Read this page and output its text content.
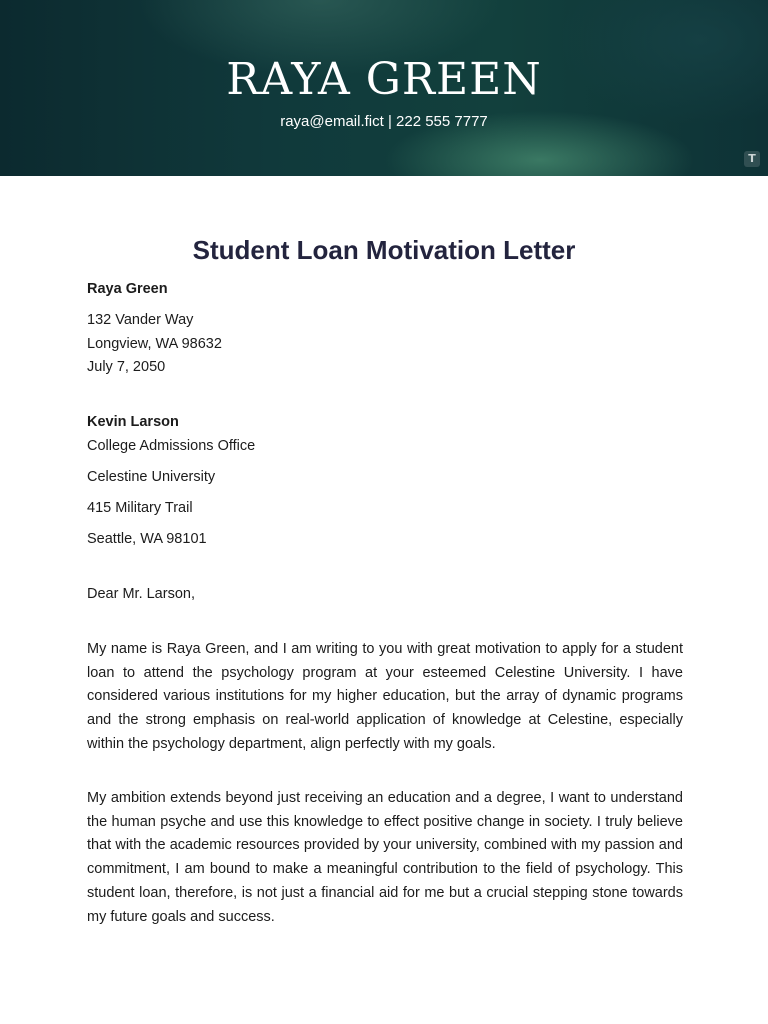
RAYA GREEN
raya@email.fict | 222 555 7777
T
Student Loan Motivation Letter
Raya Green
132 Vander Way
Longview, WA 98632
July 7, 2050
Kevin Larson
College Admissions Office
Celestine University
415 Military Trail
Seattle, WA 98101
Dear Mr. Larson,

My name is Raya Green, and I am writing to you with great motivation to apply for a student loan to attend the psychology program at your esteemed Celestine University. I have considered various institutions for my higher education, but the array of dynamic programs and the strong emphasis on real-world application of knowledge at Celestine, especially within the psychology department, align perfectly with my goals.

My ambition extends beyond just receiving an education and a degree, I want to understand the human psyche and use this knowledge to effect positive change in society. I truly believe that with the academic resources provided by your university, combined with my passion and commitment, I am bound to make a meaningful contribution to the field of psychology. This student loan, therefore, is not just a financial aid for me but a crucial stepping stone towards my future goals and success.
